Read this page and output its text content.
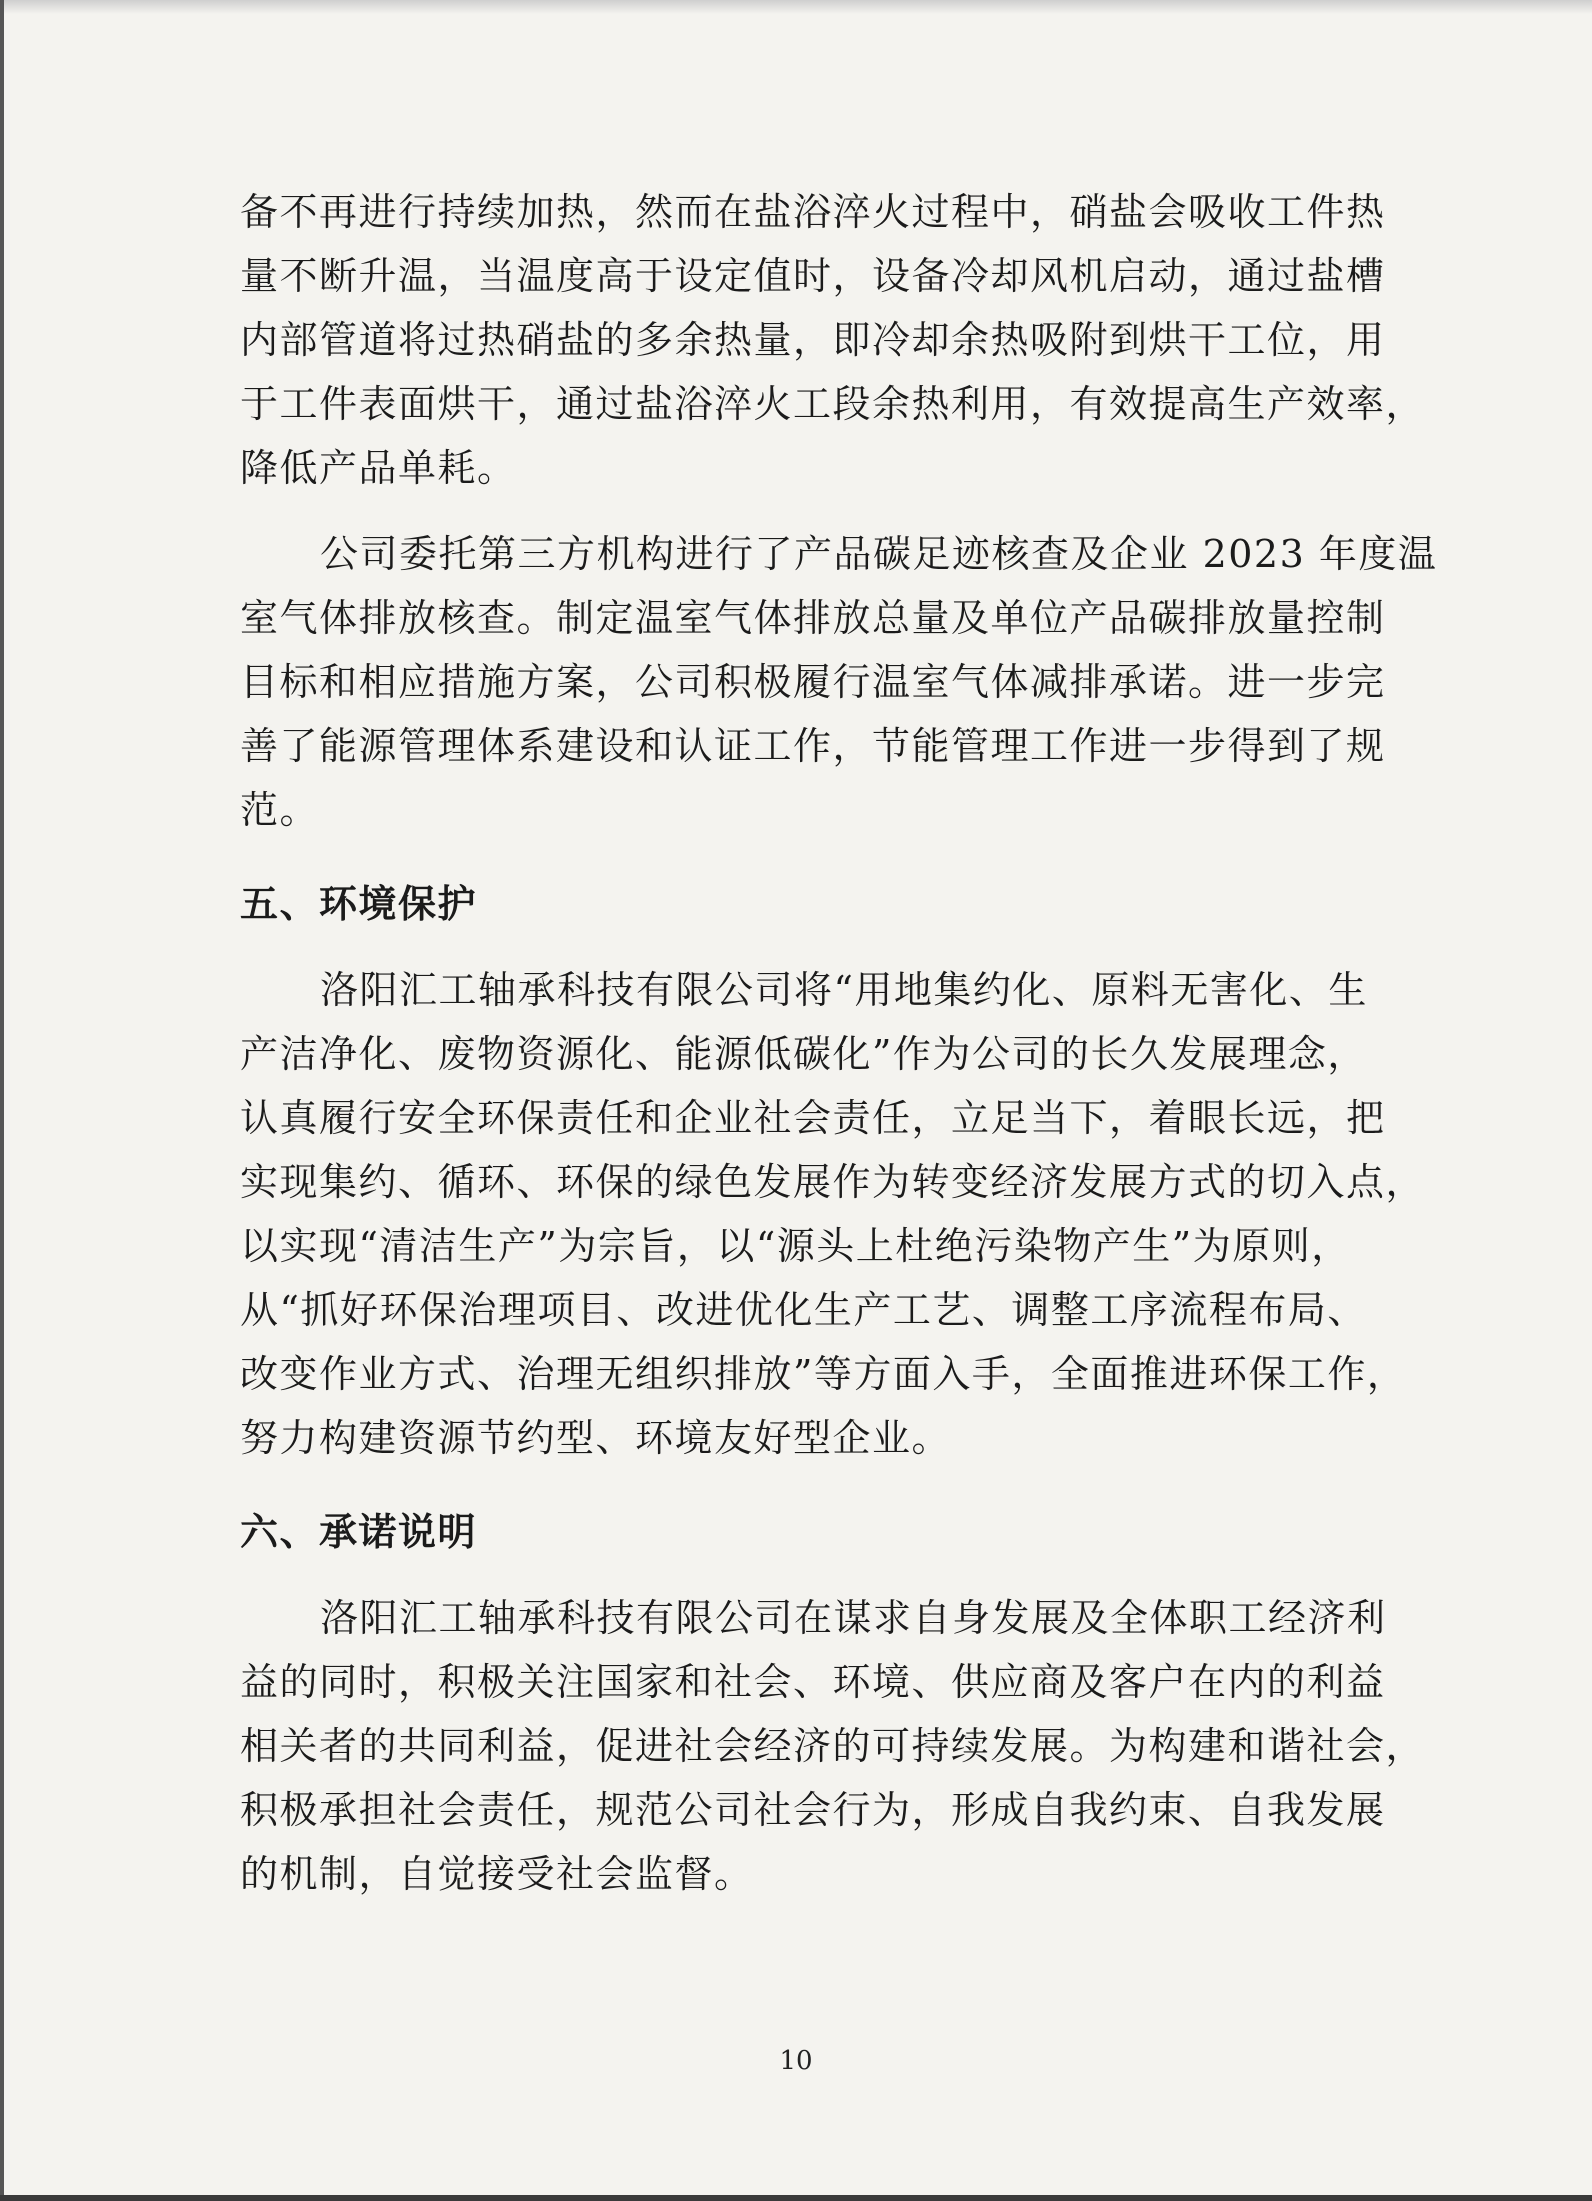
备不再进行持续加热，然而在盐浴淬火过程中，硝盐会吸收工件热
量不断升温，当温度高于设定值时，设备冷却风机启动，通过盐槽
内部管道将过热硝盐的多余热量，即冷却余热吸附到烘干工位，用
于工件表面烘干，通过盐浴淬火工段余热利用，有效提高生产效率，
降低产品单耗。
公司委托第三方机构进行了产品碳足迹核查及企业 2023 年度温
室气体排放核查。制定温室气体排放总量及单位产品碳排放量控制
目标和相应措施方案，公司积极履行温室气体减排承诺。进一步完
善了能源管理体系建设和认证工作，节能管理工作进一步得到了规
范。
五、环境保护
洛阳汇工轴承科技有限公司将“用地集约化、原料无害化、生
产洁净化、废物资源化、能源低碳化”作为公司的长久发展理念，
认真履行安全环保责任和企业社会责任，立足当下，着眼长远，把
实现集约、循环、环保的绿色发展作为转变经济发展方式的切入点，
以实现“清洁生产”为宗旨，以“源头上杜绝污染物产生”为原则，
从“抓好环保治理项目、改进优化生产工艺、调整工序流程布局、
改变作业方式、治理无组织排放”等方面入手，全面推进环保工作，
努力构建资源节约型、环境友好型企业。
六、承诺说明
洛阳汇工轴承科技有限公司在谋求自身发展及全体职工经济利
益的同时，积极关注国家和社会、环境、供应商及客户在内的利益
相关者的共同利益，促进社会经济的可持续发展。为构建和谐社会，
积极承担社会责任，规范公司社会行为，形成自我约束、自我发展
的机制，自觉接受社会监督。
10
